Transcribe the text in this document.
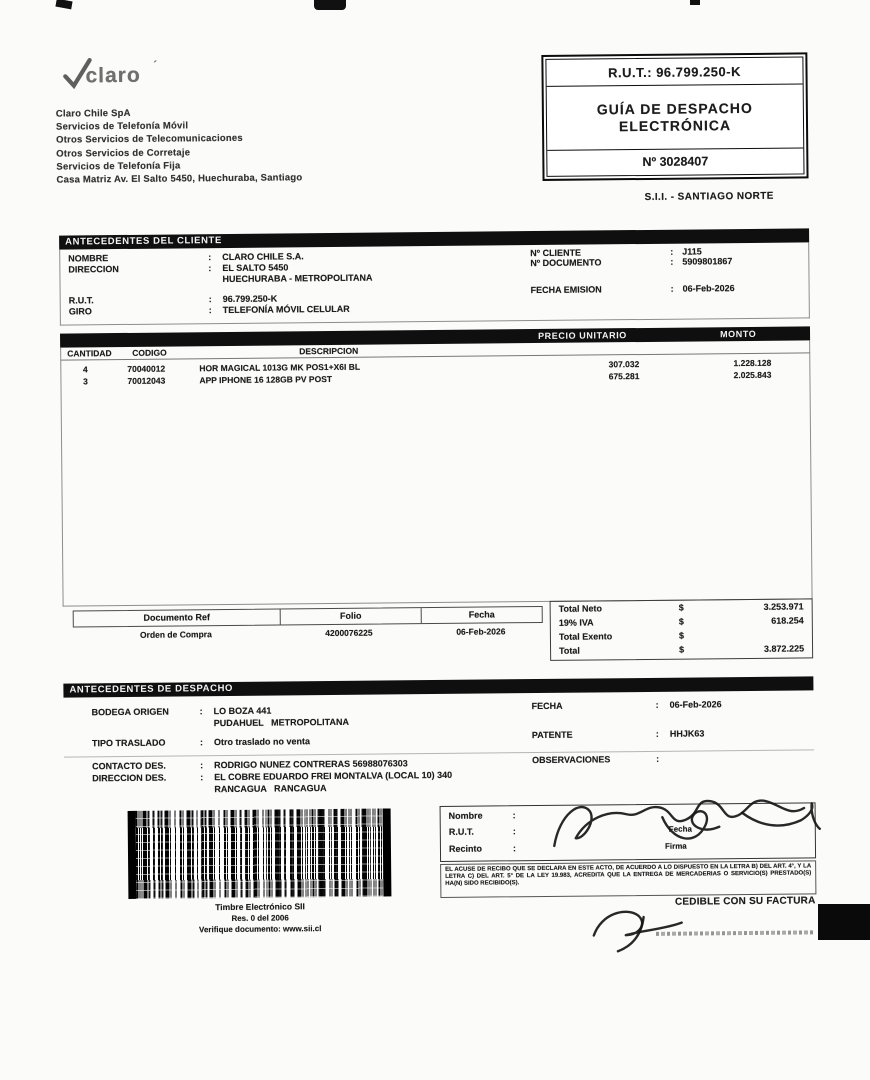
claro ´
Claro Chile SpA
Servicios de Telefonía Móvil
Otros Servicios de Telecomunicaciones
Otros Servicios de Corretaje
Servicios de Telefonía Fija
Casa Matriz Av. El Salto 5450, Huechuraba, Santiago
R.U.T.: 96.799.250-K
GUÍA DE DESPACHO
ELECTRÓNICA
Nº 3028407
S.I.I. - SANTIAGO NORTE
ANTECEDENTES DEL CLIENTE
NOMBRE	: CLARO CHILE S.A.
DIRECCION	: EL SALTO 5450
HUECHURABA - METROPOLITANA
R.U.T.	: 96.799.250-K
GIRO	: TELEFONÍA MÓVIL CELULAR
Nº CLIENTE	: J115
Nº DOCUMENTO	: 5909801867
FECHA EMISION	: 06-Feb-2026
PRECIO UNITARIO	MONTO
CANTIDAD CODIGO	DESCRIPCION
4	70040012	HOR MAGICAL 1013G MK POS1+X6I BL	307.032	1.228.128
3	70012043	APP IPHONE 16 128GB PV POST	675.281	2.025.843
Documento Ref	Folio	Fecha
Orden de Compra	4200076225	06-Feb-2026
Total Neto	$	3.253.971
19% IVA	$	618.254
Total Exento	$
Total	$	3.872.225
ANTECEDENTES DE DESPACHO
BODEGA ORIGEN	: LO BOZA 441
PUDAHUEL   METROPOLITANA
TIPO TRASLADO	: Otro traslado no venta
FECHA	: 06-Feb-2026
PATENTE	: HHJK63
CONTACTO DES.	: RODRIGO NUNEZ CONTRERAS 56988076303
DIRECCION DES.	: EL COBRE EDUARDO FREI MONTALVA (LOCAL 10) 340
RANCAGUA   RANCAGUA
OBSERVACIONES	:
Timbre Electrónico SII
Res. 0 del 2006
Verifique documento: www.sii.cl
Nombre	:
R.U.T.	:
Recinto	:
Fecha
Firma
EL ACUSE DE RECIBO QUE SE DECLARA EN ESTE ACTO, DE ACUERDO A LO DISPUESTO EN LA LETRA B) DEL ART. 4°, Y LA LETRA C) DEL ART. 5° DE LA LEY 19.983, ACREDITA QUE LA ENTREGA DE MERCADERIAS O SERVICIO(S) PRESTADO(S) HA(N) SIDO RECIBIDO(S).
CEDIBLE CON SU FACTURA
